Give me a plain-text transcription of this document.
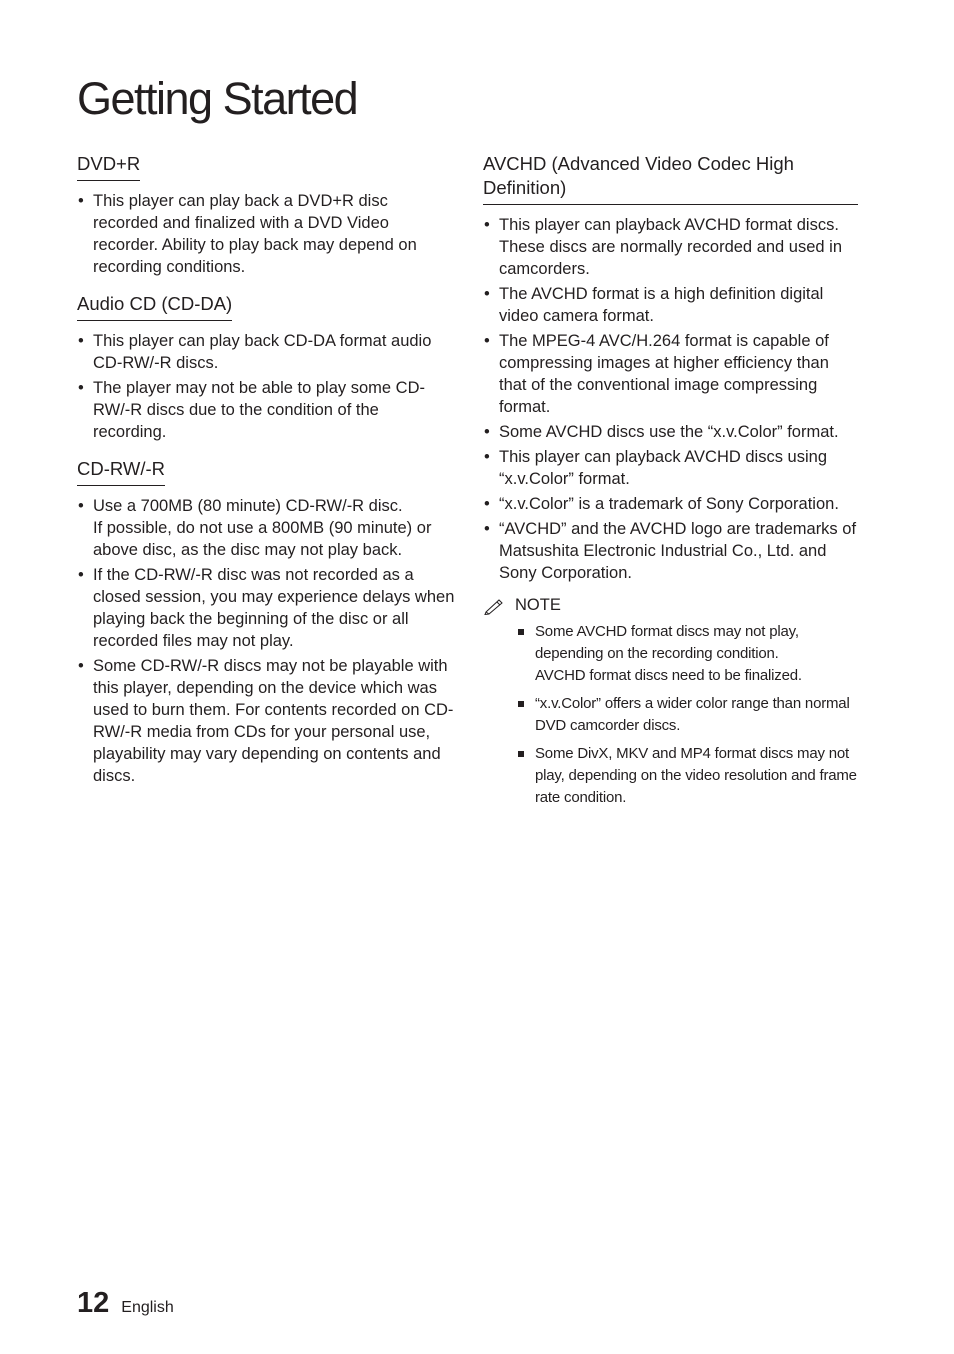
Getting Started
DVD+R
• This player can play back a DVD+R disc recorded and finalized with a DVD Video recorder. Ability to play back may depend on recording conditions.
Audio CD (CD-DA)
• This player can play back CD-DA format audio CD-RW/-R discs.
• The player may not be able to play some CD-RW/-R discs due to the condition of the recording.
CD-RW/-R
• Use a 700MB (80 minute) CD-RW/-R disc.
If possible, do not use a 800MB (90 minute) or above disc, as the disc may not play back.
• If the CD-RW/-R disc was not recorded as a closed session, you may experience delays when playing back the beginning of the disc or all recorded files may not play.
• Some CD-RW/-R discs may not be playable with this player, depending on the device which was used to burn them. For contents recorded on CD-RW/-R media from CDs for your personal use, playability may vary depending on contents and discs.
AVCHD (Advanced Video Codec High Definition)
• This player can playback AVCHD format discs. These discs are normally recorded and used in camcorders.
• The AVCHD format is a high definition digital video camera format.
• The MPEG-4 AVC/H.264 format is capable of compressing images at higher efficiency than that of the conventional image compressing format.
• Some AVCHD discs use the “x.v.Color” format.
• This player can playback AVCHD discs using “x.v.Color” format.
• “x.v.Color” is a trademark of Sony Corporation.
• “AVCHD” and the AVCHD logo are trademarks of Matsushita Electronic Industrial Co., Ltd. and Sony Corporation.
NOTE
Some AVCHD format discs may not play, depending on the recording condition.
AVCHD format discs need to be finalized.
“x.v.Color” offers a wider color range than normal DVD camcorder discs.
Some DivX, MKV and MP4 format discs may not play, depending on the video resolution and frame rate condition.
12 English
